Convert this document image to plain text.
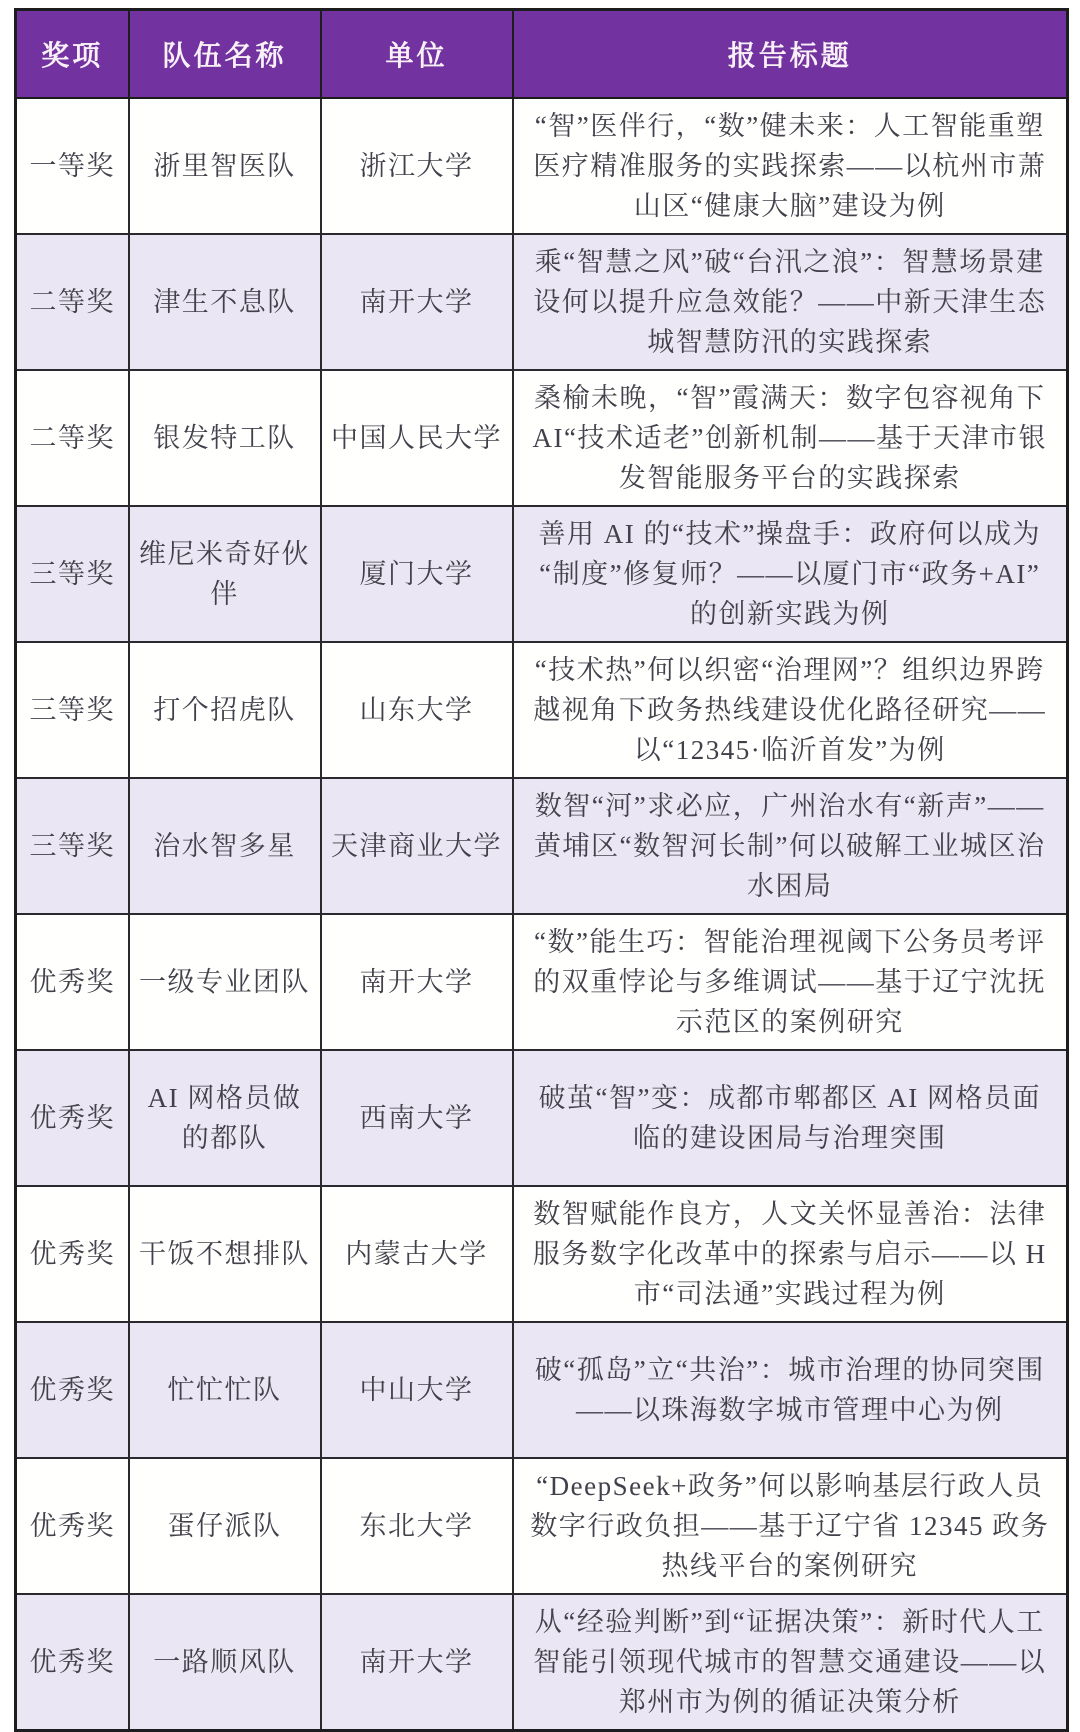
奖项	队伍名称	单位	报告标题
一等奖	浙里智医队	浙江大学	“智”医伴行，“数”健未来：人工智能重塑医疗精准服务的实践探索——以杭州市萧山区“健康大脑”建设为例
二等奖	津生不息队	南开大学	乘“智慧之风”破“台汛之浪”：智慧场景建设何以提升应急效能？——中新天津生态城智慧防汛的实践探索
二等奖	银发特工队	中国人民大学	桑榆未晚，“智”霞满天：数字包容视角下 AI“技术适老”创新机制——基于天津市银发智能服务平台的实践探索
三等奖	维尼米奇好伙伴	厦门大学	善用 AI 的“技术”操盘手：政府何以成为“制度”修复师？——以厦门市“政务+AI”的创新实践为例
三等奖	打个招虎队	山东大学	“技术热”何以织密“治理网”？组织边界跨越视角下政务热线建设优化路径研究——以“12345·临沂首发”为例
三等奖	治水智多星	天津商业大学	数智“河”求必应，广州治水有“新声”——黄埔区“数智河长制”何以破解工业城区治水困局
优秀奖	一级专业团队	南开大学	“数”能生巧：智能治理视阈下公务员考评的双重悖论与多维调试——基于辽宁沈抚示范区的案例研究
优秀奖	AI 网格员做的都队	西南大学	破茧“智”变：成都市郫都区 AI 网格员面临的建设困局与治理突围
优秀奖	干饭不想排队	内蒙古大学	数智赋能作良方，人文关怀显善治：法律服务数字化改革中的探索与启示——以 H 市“司法通”实践过程为例
优秀奖	忙忙忙队	中山大学	破“孤岛”立“共治”：城市治理的协同突围——以珠海数字城市管理中心为例
优秀奖	蛋仔派队	东北大学	“DeepSeek+政务”何以影响基层行政人员数字行政负担——基于辽宁省 12345 政务热线平台的案例研究
优秀奖	一路顺风队	南开大学	从“经验判断”到“证据决策”：新时代人工智能引领现代城市的智慧交通建设——以郑州市为例的循证决策分析
